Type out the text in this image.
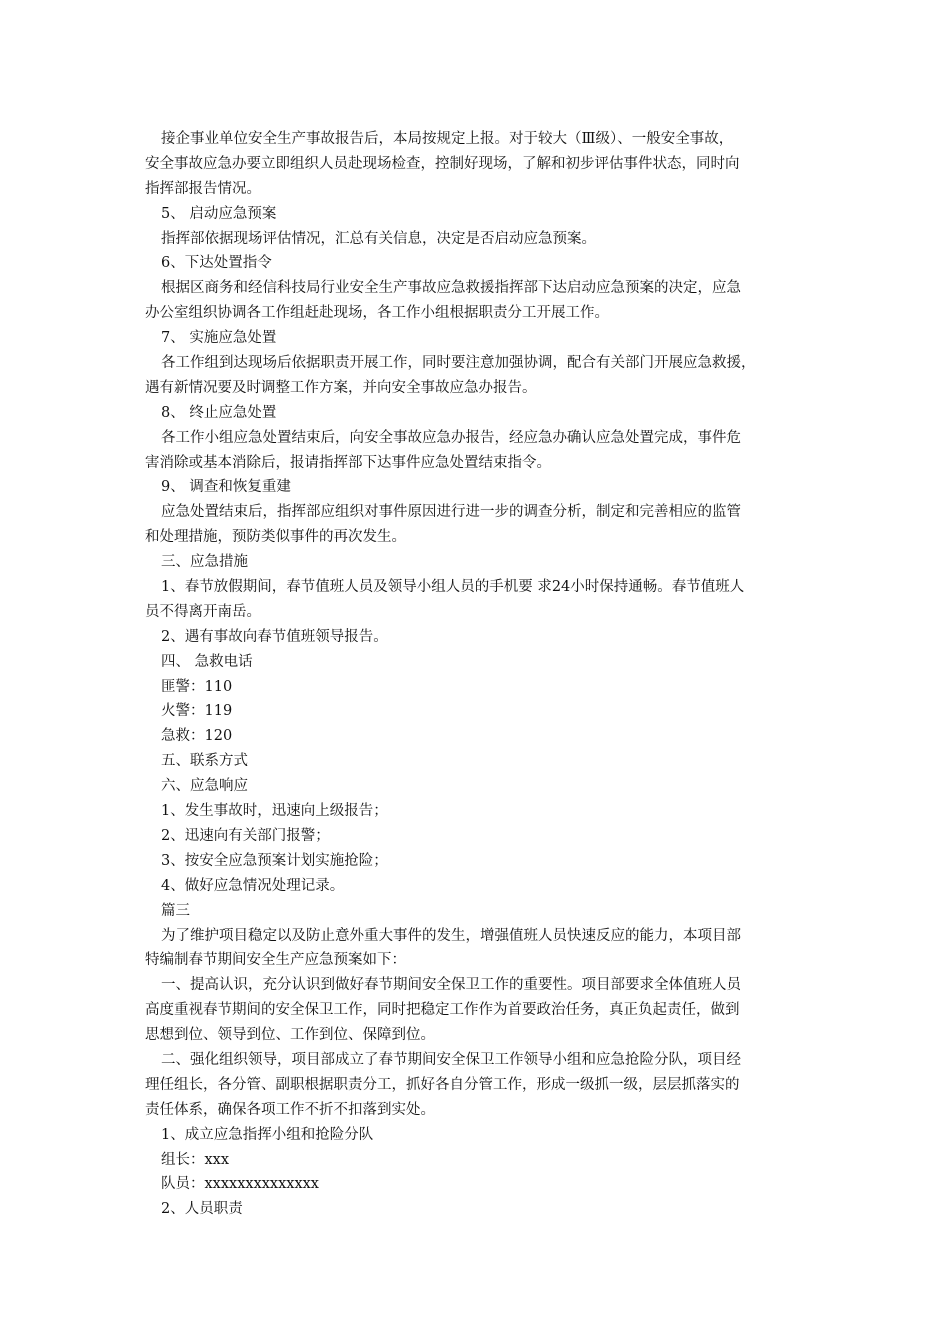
接企事业单位安全生产事故报告后，本局按规定上报。对于较大（Ⅲ级）、一般安全事故，
安全事故应急办要立即组织人员赴现场检查，控制好现场，了解和初步评估事件状态，同时向
指挥部报告情况。
5、 启动应急预案
指挥部依据现场评估情况，汇总有关信息，决定是否启动应急预案。
6、下达处置指令
根据区商务和经信科技局行业安全生产事故应急救援指挥部下达启动应急预案的决定，应急
办公室组织协调各工作组赶赴现场，各工作小组根据职责分工开展工作。
7、 实施应急处置
各工作组到达现场后依据职责开展工作，同时要注意加强协调，配合有关部门开展应急救援，
遇有新情况要及时调整工作方案，并向安全事故应急办报告。
8、 终止应急处置
各工作小组应急处置结束后，向安全事故应急办报告，经应急办确认应急处置完成，事件危
害消除或基本消除后，报请指挥部下达事件应急处置结束指令。
9、 调查和恢复重建
应急处置结束后，指挥部应组织对事件原因进行进一步的调查分析，制定和完善相应的监管
和处理措施，预防类似事件的再次发生。
三、应急措施
1、春节放假期间，春节值班人员及领导小组人员的手机要 求24小时保持通畅。春节值班人
员不得离开南岳。
2、遇有事故向春节值班领导报告。
四、 急救电话
匪警：110
火警：119
急救：120
五、联系方式
六、应急响应
1、发生事故时，迅速向上级报告；
2、迅速向有关部门报警；
3、按安全应急预案计划实施抢险；
4、做好应急情况处理记录。
篇三
为了维护项目稳定以及防止意外重大事件的发生，增强值班人员快速反应的能力，本项目部
特编制春节期间安全生产应急预案如下：
一、提高认识，充分认识到做好春节期间安全保卫工作的重要性。项目部要求全体值班人员
高度重视春节期间的安全保卫工作，同时把稳定工作作为首要政治任务，真正负起责任，做到
思想到位、领导到位、工作到位、保障到位。
二、强化组织领导，项目部成立了春节期间安全保卫工作领导小组和应急抢险分队，项目经
理任组长，各分管、副职根据职责分工，抓好各自分管工作，形成一级抓一级，层层抓落实的
责任体系，确保各项工作不折不扣落到实处。
1、成立应急指挥小组和抢险分队
组长：xxx
队员：xxxxxxxxxxxxxx
2、人员职责
